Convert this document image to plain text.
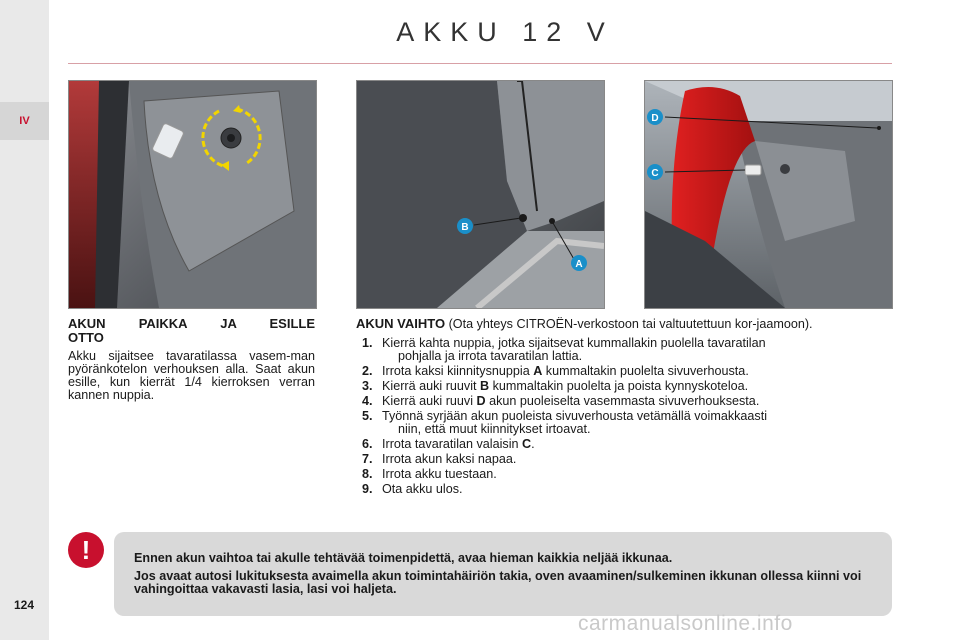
IV
124
AKKU 12 V
B
A
D
C
AKUN PAIKKA JA ESILLE
OTTO
Akku sijaitsee tavaratilassa vasem-man pyöränkotelon verhouksen alla. Saat akun esille, kun kierrät 1/4 kierroksen verran kannen nuppia.
AKUN VAIHTO (Ota yhteys CITROËN-verkostoon tai valtuutettuun kor-jaamoon).
1. Kierrä kahta nuppia, jotka sijaitsevat kummallakin puolella tavaratilan
pohjalla ja irrota tavaratilan lattia.
2. Irrota kaksi kiinnitysnuppia A kummaltakin puolelta sivuverhousta.
3. Kierrä auki ruuvit B kummaltakin puolelta ja poista kynnyskoteloa.
4. Kierrä auki ruuvi D akun puoleiselta vasemmasta sivuverhouksesta.
5. Työnnä syrjään akun puoleista sivuverhousta vetämällä voimakkaasti
niin, että muut kiinnitykset irtoavat.
6. Irrota tavaratilan valaisin C.
7. Irrota akun kaksi napaa.
8. Irrota akku tuestaan.
9. Ota akku ulos.
!	Ennen akun vaihtoa tai akulle tehtävää toimenpidettä, avaa hieman kaikkia neljää ikkunaa.

Jos avaat autosi lukituksesta avaimella akun toimintahäiriön takia, oven avaaminen/sulkeminen ikkunan ollessa kiinni voi vahingoittaa vakavasti lasia, lasi voi haljeta.

carmanualsonline.info
